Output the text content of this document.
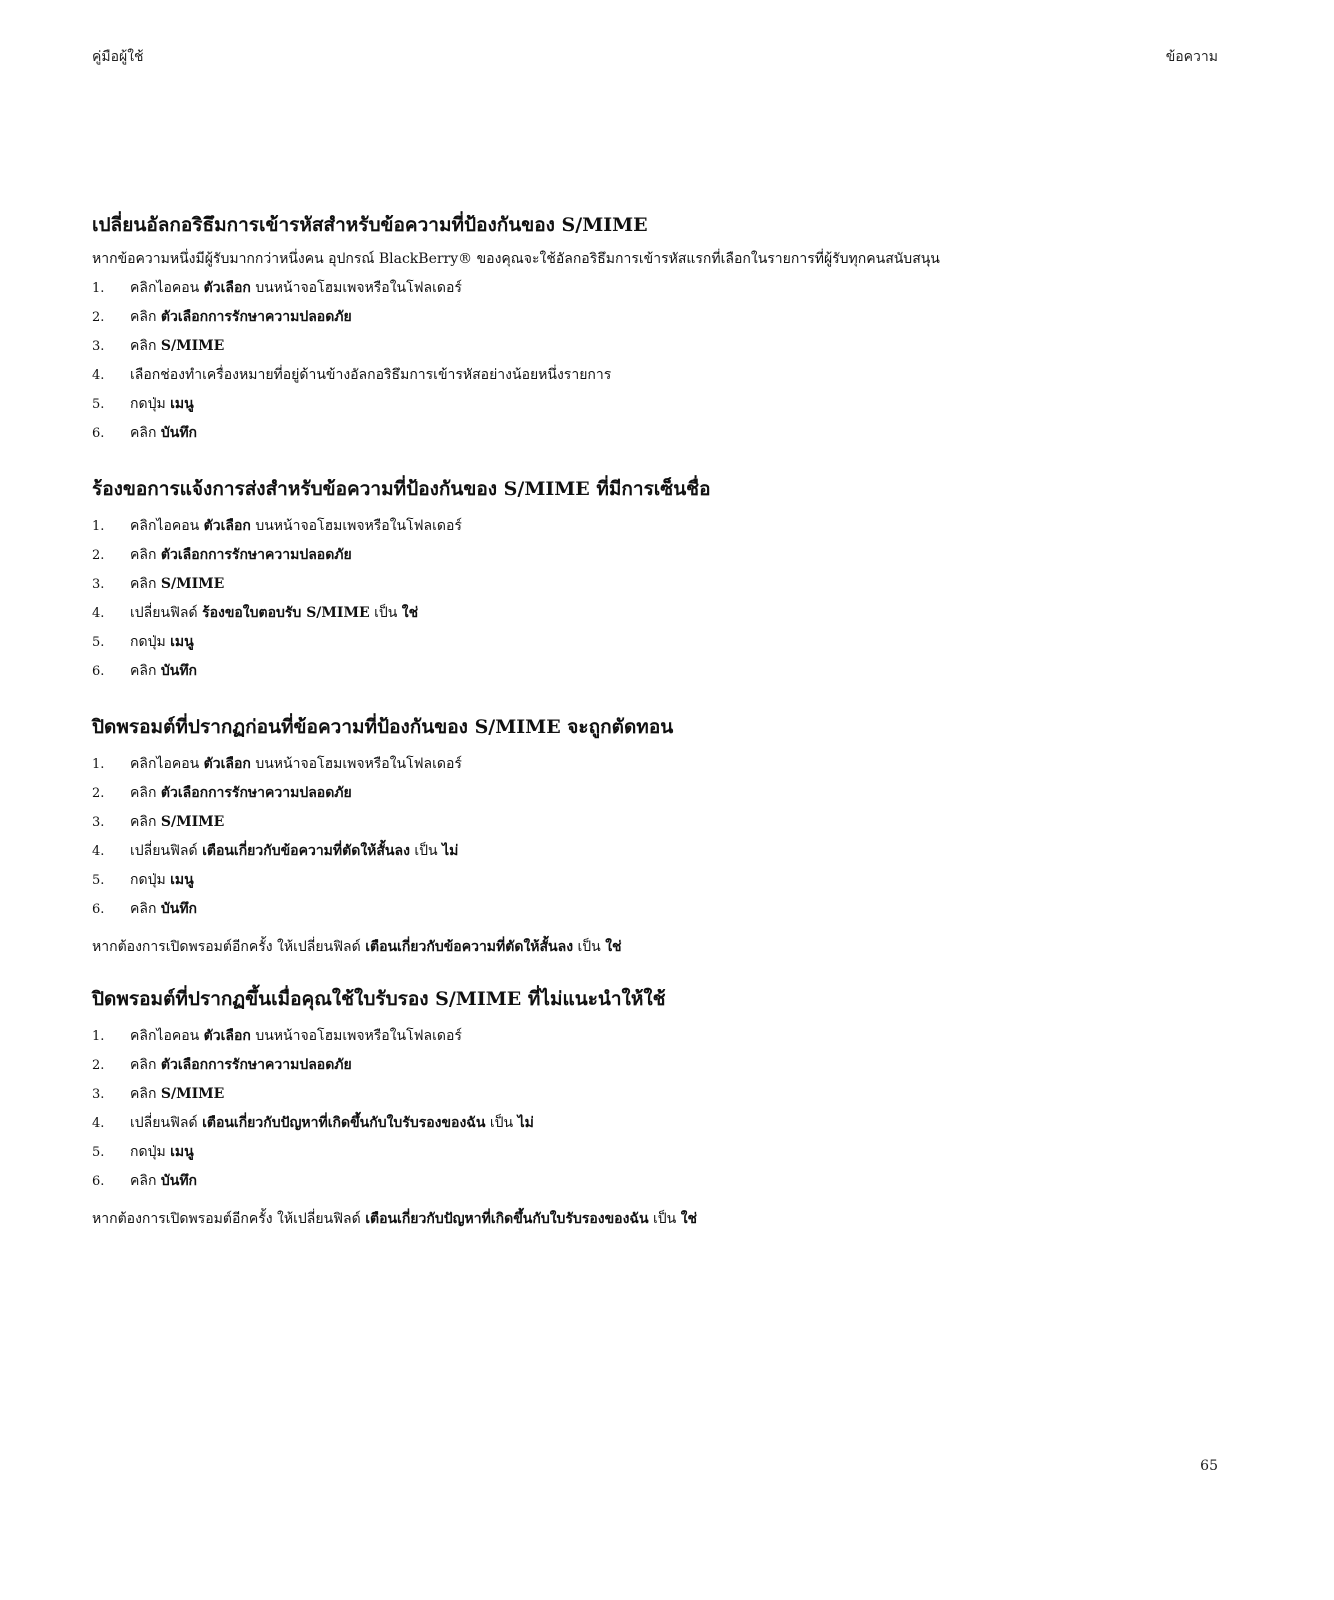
คู่มือผู้ใช้	ข้อความ
เปลี่ยนอัลกอริธึมการเข้ารหัสสำหรับข้อความที่ป้องกันของ S/MIME

หากข้อความหนึ่งมีผู้รับมากกว่าหนึ่งคน อุปกรณ์ BlackBerry® ของคุณจะใช้อัลกอริธึมการเข้ารหัสแรกที่เลือกในรายการที่ผู้รับทุกคนสนับสนุน

1.	คลิกไอคอน ตัวเลือก บนหน้าจอโฮมเพจหรือในโฟลเดอร์
2.	คลิก ตัวเลือกการรักษาความปลอดภัย
3.	คลิก S/MIME
4.	เลือกช่องทำเครื่องหมายที่อยู่ด้านข้างอัลกอริธึมการเข้ารหัสอย่างน้อยหนึ่งรายการ
5.	กดปุ่ม เมนู
6.	คลิก บันทึก
ร้องขอการแจ้งการส่งสำหรับข้อความที่ป้องกันของ S/MIME ที่มีการเซ็นชื่อ
1.	คลิกไอคอน ตัวเลือก บนหน้าจอโฮมเพจหรือในโฟลเดอร์
2.	คลิก ตัวเลือกการรักษาความปลอดภัย
3.	คลิก S/MIME
4.	เปลี่ยนฟิลด์ ร้องขอใบตอบรับ S/MIME เป็น ใช่
5.	กดปุ่ม เมนู
6.	คลิก บันทึก
ปิดพรอมต์ที่ปรากฏก่อนที่ข้อความที่ป้องกันของ S/MIME จะถูกตัดทอน
1.	คลิกไอคอน ตัวเลือก บนหน้าจอโฮมเพจหรือในโฟลเดอร์
2.	คลิก ตัวเลือกการรักษาความปลอดภัย
3.	คลิก S/MIME
4.	เปลี่ยนฟิลด์ เตือนเกี่ยวกับข้อความที่ตัดให้สั้นลง เป็น ไม่
5.	กดปุ่ม เมนู
6.	คลิก บันทึก

หากต้องการเปิดพรอมต์อีกครั้ง ให้เปลี่ยนฟิลด์ เตือนเกี่ยวกับข้อความที่ตัดให้สั้นลง เป็น ใช่

ปิดพรอมต์ที่ปรากฏขึ้นเมื่อคุณใช้ใบรับรอง S/MIME ที่ไม่แนะนำให้ใช้
1.	คลิกไอคอน ตัวเลือก บนหน้าจอโฮมเพจหรือในโฟลเดอร์
2.	คลิก ตัวเลือกการรักษาความปลอดภัย
3.	คลิก S/MIME
4.	เปลี่ยนฟิลด์ เตือนเกี่ยวกับปัญหาที่เกิดขึ้นกับใบรับรองของฉัน เป็น ไม่
5.	กดปุ่ม เมนู
6.	คลิก บันทึก

หากต้องการเปิดพรอมต์อีกครั้ง ให้เปลี่ยนฟิลด์ เตือนเกี่ยวกับปัญหาที่เกิดขึ้นกับใบรับรองของฉัน เป็น ใช่

65
